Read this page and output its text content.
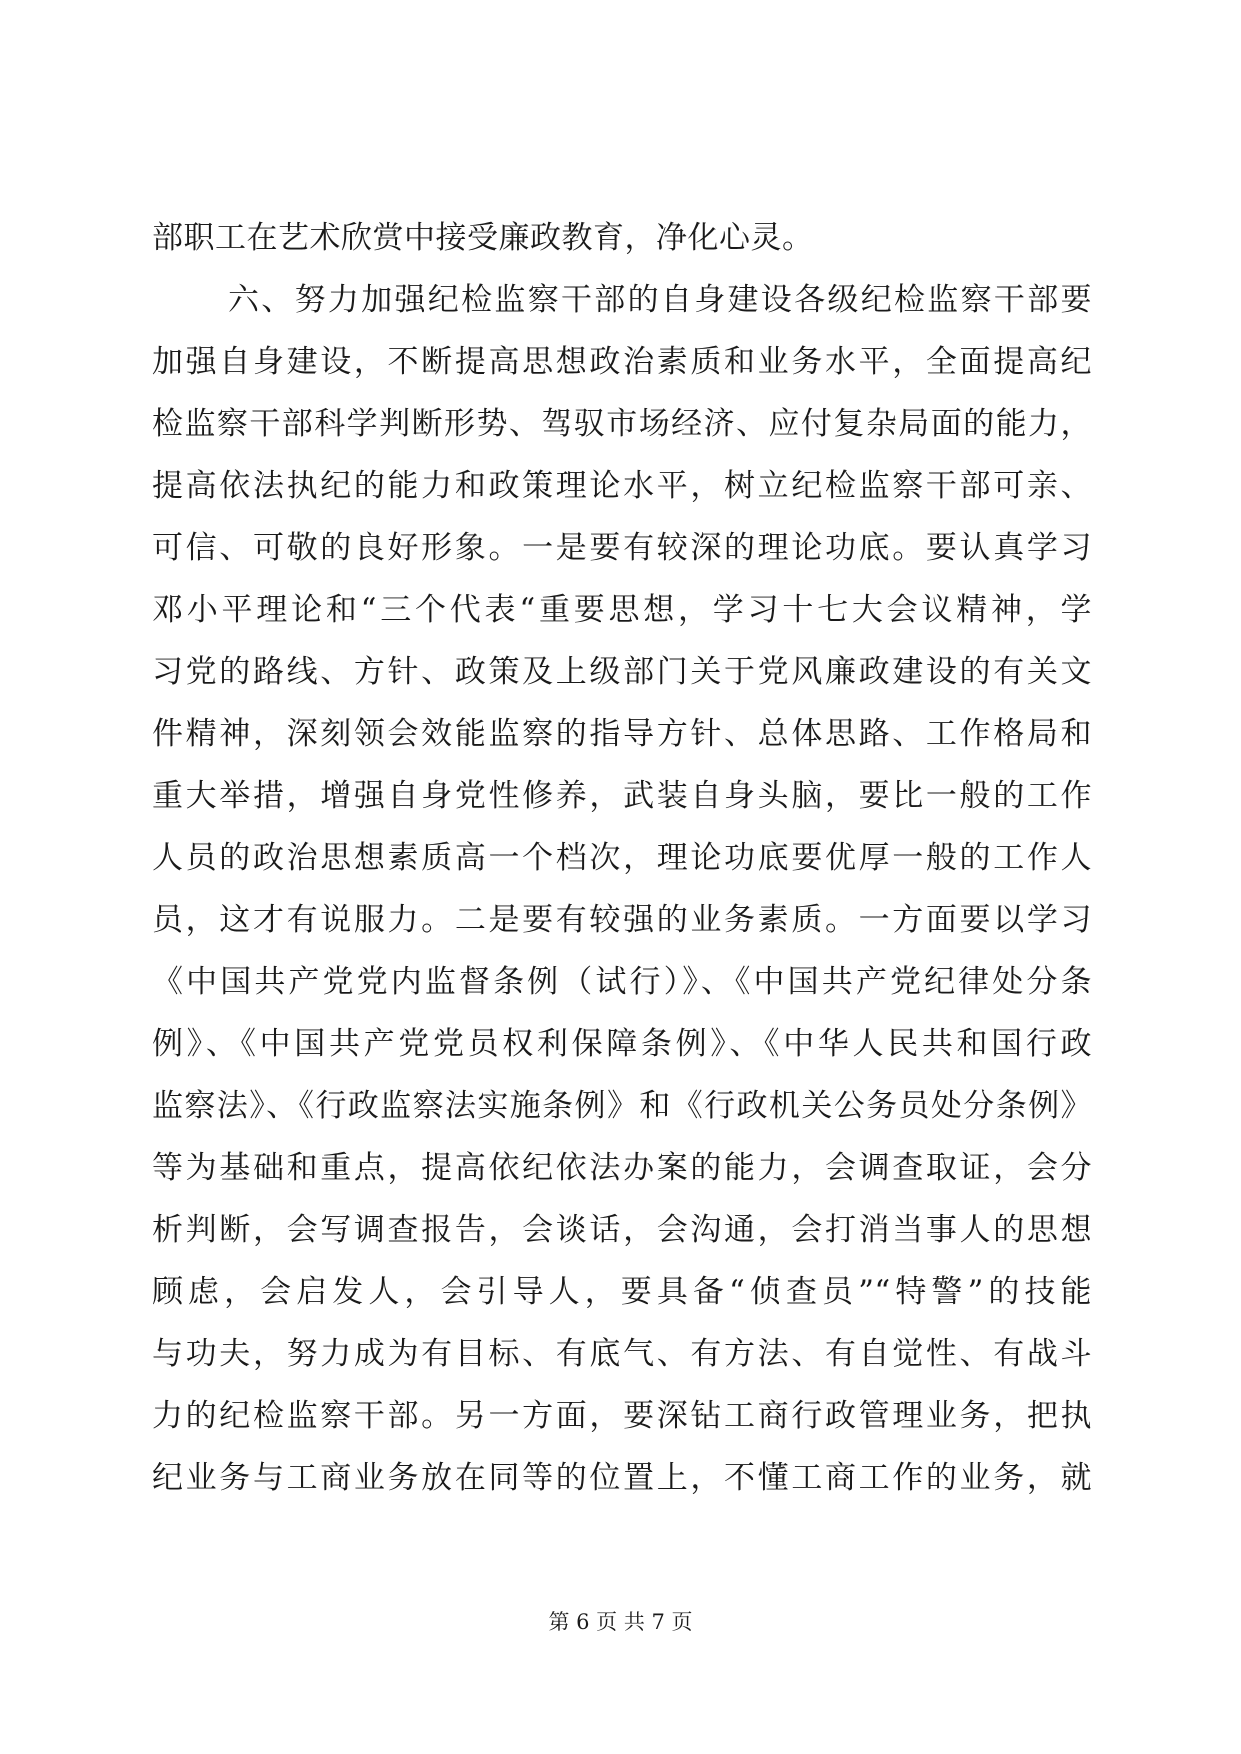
部职工在艺术欣赏中接受廉政教育，净化心灵。
六、努力加强纪检监察干部的自身建设各级纪检监察干部要
加强自身建设，不断提高思想政治素质和业务水平，全面提高纪
检监察干部科学判断形势、驾驭市场经济、应付复杂局面的能力，
提高依法执纪的能力和政策理论水平，树立纪检监察干部可亲、
可信、可敬的良好形象。一是要有较深的理论功底。要认真学习
邓小平理论和“三个代表“重要思想，学习十七大会议精神，学
习党的路线、方针、政策及上级部门关于党风廉政建设的有关文
件精神，深刻领会效能监察的指导方针、总体思路、工作格局和
重大举措，增强自身党性修养，武装自身头脑，要比一般的工作
人员的政治思想素质高一个档次，理论功底要优厚一般的工作人
员，这才有说服力。二是要有较强的业务素质。一方面要以学习
《中国共产党党内监督条例（试行）》、《中国共产党纪律处分条
例》、《中国共产党党员权利保障条例》、《中华人民共和国行政
监察法》、《行政监察法实施条例》和《行政机关公务员处分条例》
等为基础和重点，提高依纪依法办案的能力，会调查取证，会分
析判断，会写调查报告，会谈话，会沟通，会打消当事人的思想
顾虑，会启发人，会引导人，要具备“侦查员”“特警”的技能
与功夫，努力成为有目标、有底气、有方法、有自觉性、有战斗
力的纪检监察干部。另一方面，要深钻工商行政管理业务，把执
纪业务与工商业务放在同等的位置上，不懂工商工作的业务，就
第 6 页 共 7 页
